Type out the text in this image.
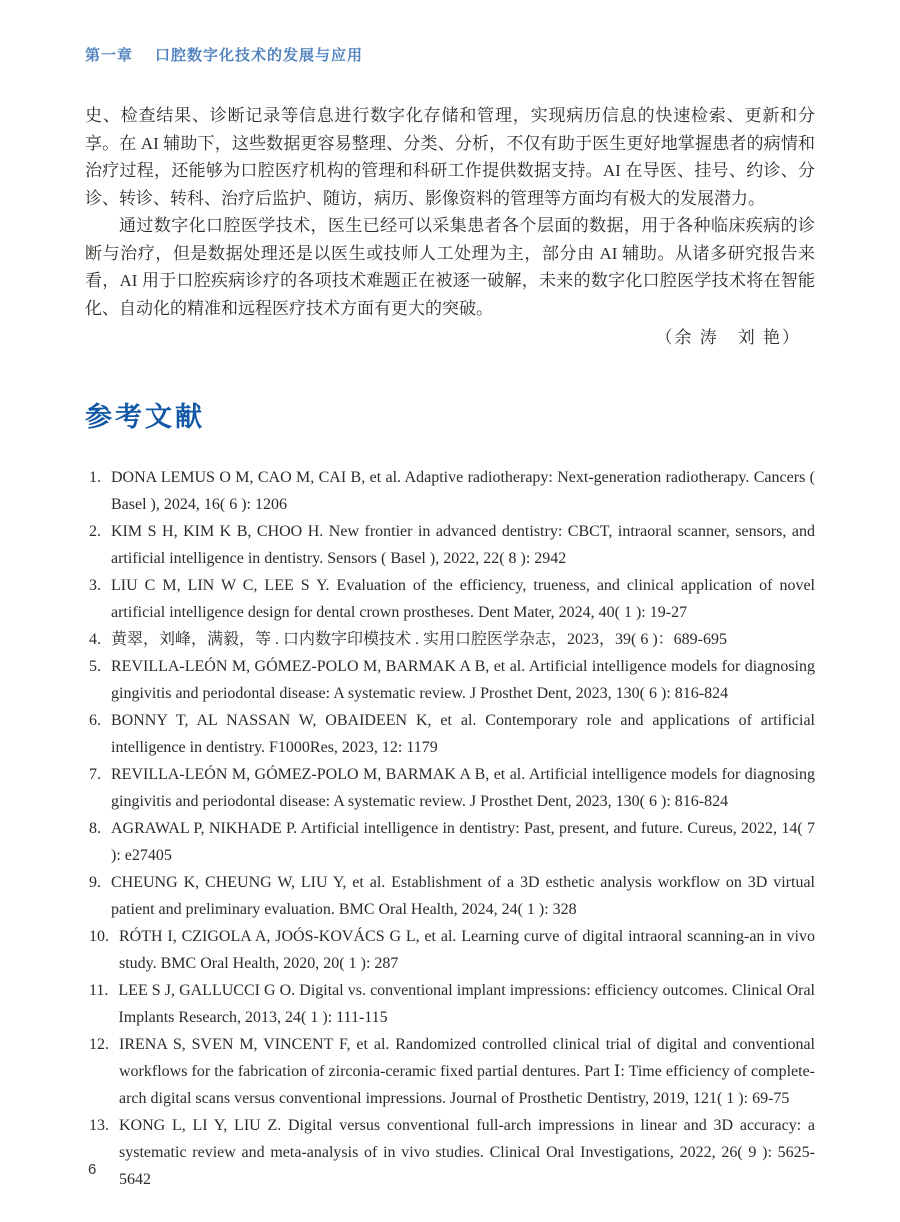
第一章 口腔数字化技术的发展与应用

史、检查结果、诊断记录等信息进行数字化存储和管理，实现病历信息的快速检索、更新和分享。在 AI 辅助下，这些数据更容易整理、分类、分析，不仅有助于医生更好地掌握患者的病情和治疗过程，还能够为口腔医疗机构的管理和科研工作提供数据支持。AI 在导医、挂号、约诊、分诊、转诊、转科、治疗后监护、随访，病历、影像资料的管理等方面均有极大的发展潜力。

通过数字化口腔医学技术，医生已经可以采集患者各个层面的数据，用于各种临床疾病的诊断与治疗，但是数据处理还是以医生或技师人工处理为主，部分由 AI 辅助。从诸多研究报告来看，AI 用于口腔疾病诊疗的各项技术难题正在被逐一破解，未来的数字化口腔医学技术将在智能化、自动化的精准和远程医疗技术方面有更大的突破。

（余 涛　刘 艳）
参考文献
1. DONA LEMUS O M, CAO M, CAI B, et al. Adaptive radiotherapy: Next-generation radiotherapy. Cancers ( Basel ), 2024, 16( 6 ): 1206
2. KIM S H, KIM K B, CHOO H. New frontier in advanced dentistry: CBCT, intraoral scanner, sensors, and artificial intelligence in dentistry. Sensors ( Basel ), 2022, 22( 8 ): 2942
3. LIU C M, LIN W C, LEE S Y. Evaluation of the efficiency, trueness, and clinical application of novel artificial intelligence design for dental crown prostheses. Dent Mater, 2024, 40( 1 ): 19-27
4. 黄翠，刘峰，满毅，等 . 口内数字印模技术 . 实用口腔医学杂志，2023，39( 6 )：689-695
5. REVILLA-LEÓN M, GÓMEZ-POLO M, BARMAK A B, et al. Artificial intelligence models for diagnosing gingivitis and periodontal disease: A systematic review. J Prosthet Dent, 2023, 130( 6 ): 816-824
6. BONNY T, AL NASSAN W, OBAIDEEN K, et al. Contemporary role and applications of artificial intelligence in dentistry. F1000Res, 2023, 12: 1179
7. REVILLA-LEÓN M, GÓMEZ-POLO M, BARMAK A B, et al. Artificial intelligence models for diagnosing gingivitis and periodontal disease: A systematic review. J Prosthet Dent, 2023, 130( 6 ): 816-824
8. AGRAWAL P, NIKHADE P. Artificial intelligence in dentistry: Past, present, and future. Cureus, 2022, 14( 7 ): e27405
9. CHEUNG K, CHEUNG W, LIU Y, et al. Establishment of a 3D esthetic analysis workflow on 3D virtual patient and preliminary evaluation. BMC Oral Health, 2024, 24( 1 ): 328
10. RÓTH I, CZIGOLA A, JOÓS-KOVÁCS G L, et al. Learning curve of digital intraoral scanning-an in vivo study. BMC Oral Health, 2020, 20( 1 ): 287
11. LEE S J, GALLUCCI G O. Digital vs. conventional implant impressions: efficiency outcomes. Clinical Oral Implants Research, 2013, 24( 1 ): 111-115
12. IRENA S, SVEN M, VINCENT F, et al. Randomized controlled clinical trial of digital and conventional workflows for the fabrication of zirconia-ceramic fixed partial dentures. Part Ⅰ: Time efficiency of complete-arch digital scans versus conventional impressions. Journal of Prosthetic Dentistry, 2019, 121( 1 ): 69-75
13. KONG L, LI Y, LIU Z. Digital versus conventional full-arch impressions in linear and 3D accuracy: a systematic review and meta-analysis of in vivo studies. Clinical Oral Investigations, 2022, 26( 9 ): 5625-5642
6
